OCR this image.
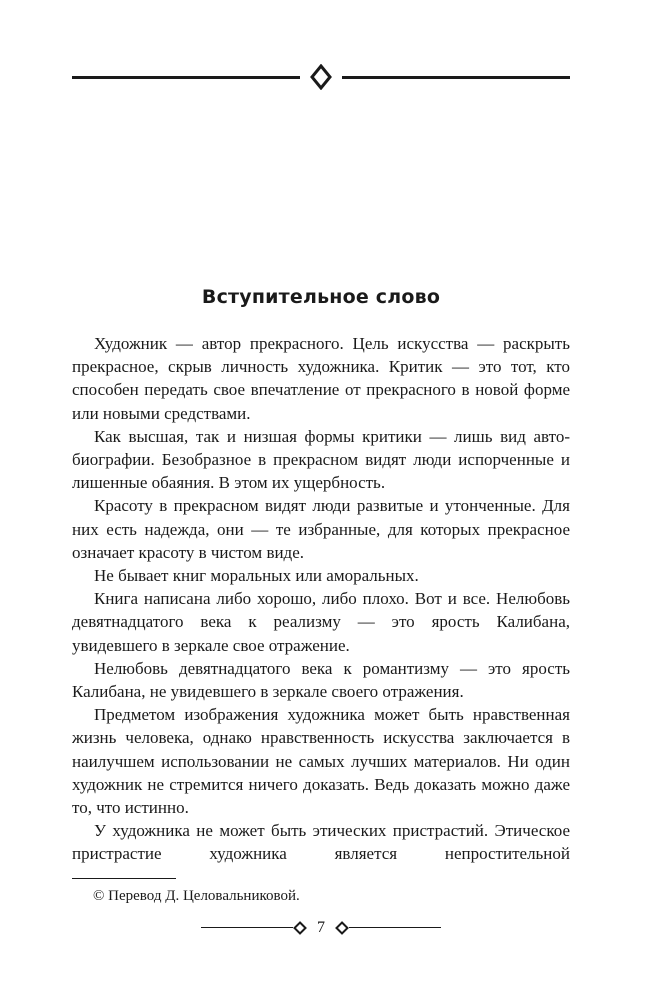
Вступительное слово

Художник — автор прекрасного. Цель искусства — раскрыть прекрасное, скрыв личность художника. Критик — это тот, кто способен передать свое впечатление от прекрасного в новой форме или новыми средствами.

Как высшая, так и низшая формы критики — лишь вид автобиографии. Безобразное в прекрасном видят люди испорченные и лишенные обаяния. В этом их ущербность.

Красоту в прекрасном видят люди развитые и утонченные. Для них есть надежда, они — те избранные, для которых прекрасное означает красоту в чистом виде.

Не бывает книг моральных или аморальных.

Книга написана либо хорошо, либо плохо. Вот и все. Нелюбовь девятнадцатого века к реализму — это ярость Калибана, увидевшего в зеркале свое отражение.

Нелюбовь девятнадцатого века к романтизму — это ярость Калибана, не увидевшего в зеркале своего отражения.

Предметом изображения художника может быть нравственная жизнь человека, однако нравственность искусства заключается в наилучшем использовании не самых лучших материалов. Ни один художник не стремится ничего доказать. Ведь доказать можно даже то, что истинно.

У художника не может быть этических пристрастий. Этическое пристрастие художника является непростительной

© Перевод Д. Целовальниковой.
7
